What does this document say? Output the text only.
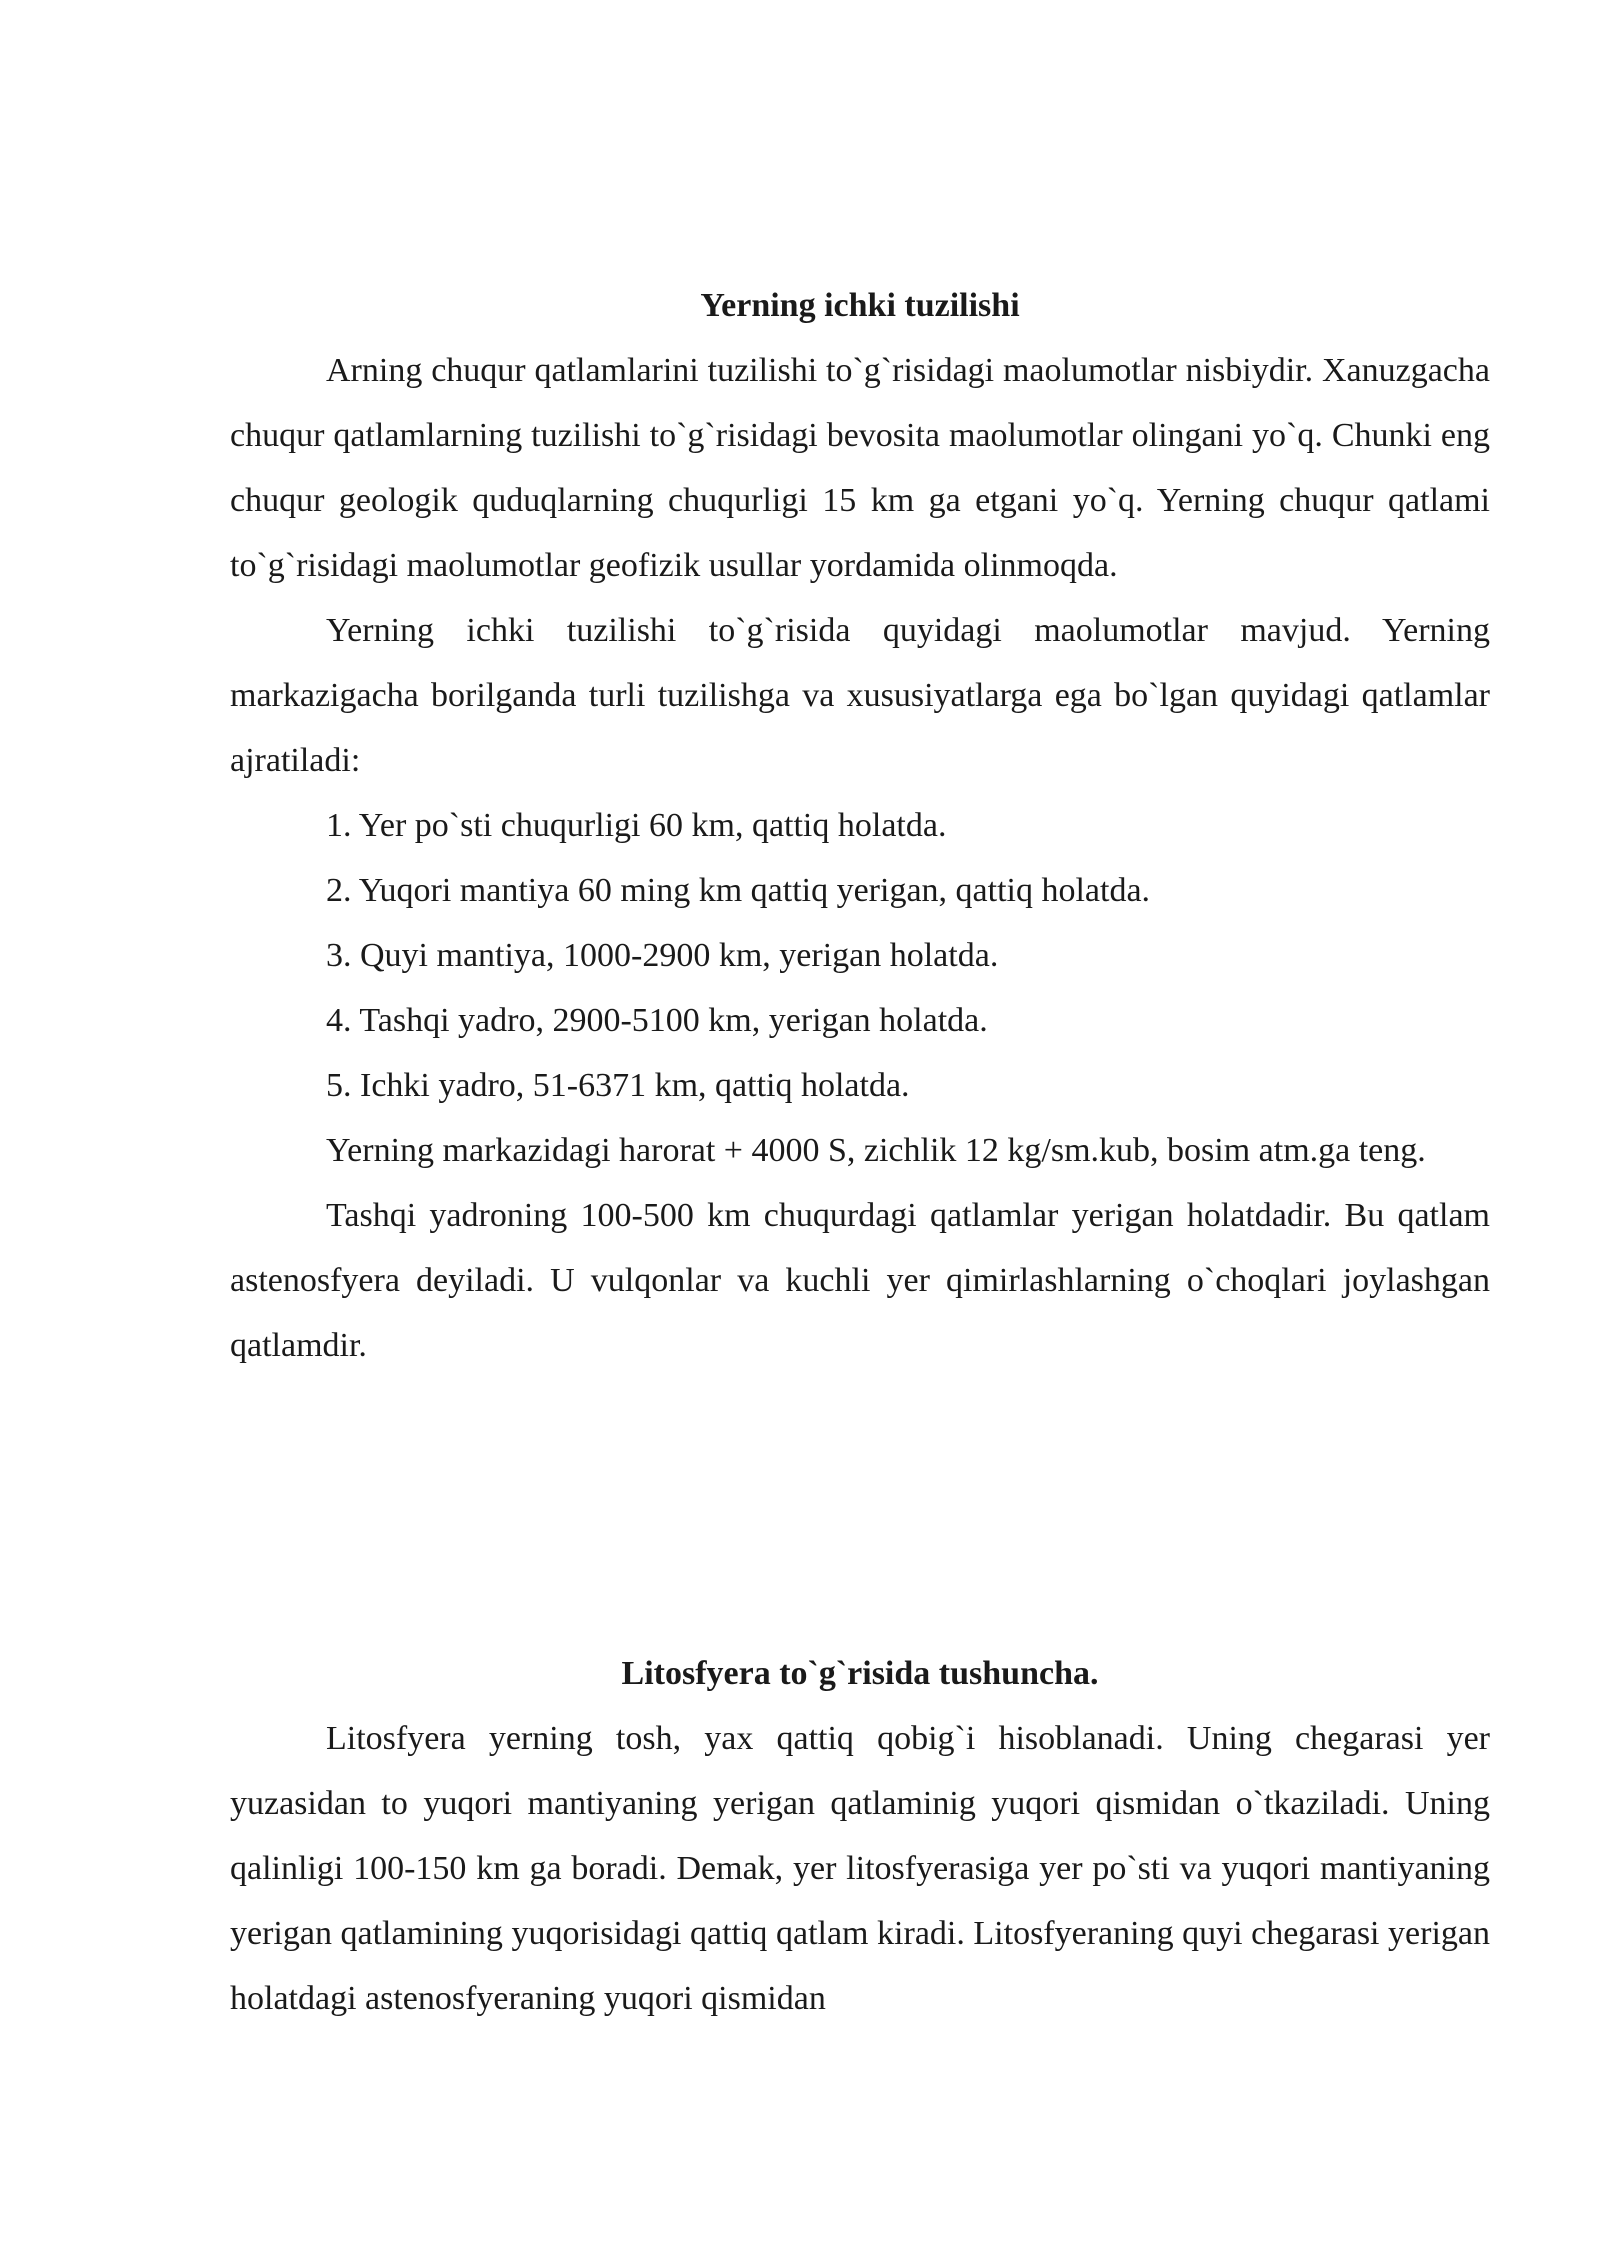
Yerning ichki tuzilishi

Arning chuqur qatlamlarini tuzilishi to`g`risidagi maolumotlar nisbiydir. Xanuzgacha chuqur qatlamlarning tuzilishi to`g`risidagi bevosita maolumotlar olingani yo`q. Chunki eng chuqur geologik quduqlarning chuqurligi 15 km ga etgani yo`q. Yerning chuqur qatlami to`g`risidagi maolumotlar geofizik usullar yordamida olinmoqda.

Yerning ichki tuzilishi to`g`risida quyidagi maolumotlar mavjud. Yerning markazigacha borilganda turli tuzilishga va xususiyatlarga ega bo`lgan quyidagi qatlamlar ajratiladi:

1. Yer po`sti chuqurligi 60 km, qattiq holatda.

2. Yuqori mantiya 60 ming km qattiq yerigan, qattiq holatda.

3. Quyi mantiya, 1000-2900 km, yerigan holatda.

4. Tashqi yadro, 2900-5100 km, yerigan holatda.

5. Ichki yadro, 51-6371 km, qattiq holatda.

Yerning markazidagi harorat + 4000 S, zichlik 12 kg/sm.kub, bosim atm.ga teng.

Tashqi yadroning 100-500 km chuqurdagi qatlamlar yerigan holatdadir. Bu qatlam astenosfyera deyiladi. U vulqonlar va kuchli yer qimirlashlarning o`choqlari joylashgan qatlamdir.

Litosfyera to`g`risida tushuncha.

Litosfyera yerning tosh, yax qattiq qobig`i hisoblanadi. Uning chegarasi yer yuzasidan to yuqori mantiyaning yerigan qatlaminig yuqori qismidan o`tkaziladi. Uning qalinligi 100-150 km ga boradi. Demak, yer litosfyerasiga yer po`sti va yuqori mantiyaning yerigan qatlamining yuqorisidagi qattiq qatlam kiradi. Litosfyeraning quyi chegarasi yerigan holatdagi astenosfyeraning yuqori qismidan
